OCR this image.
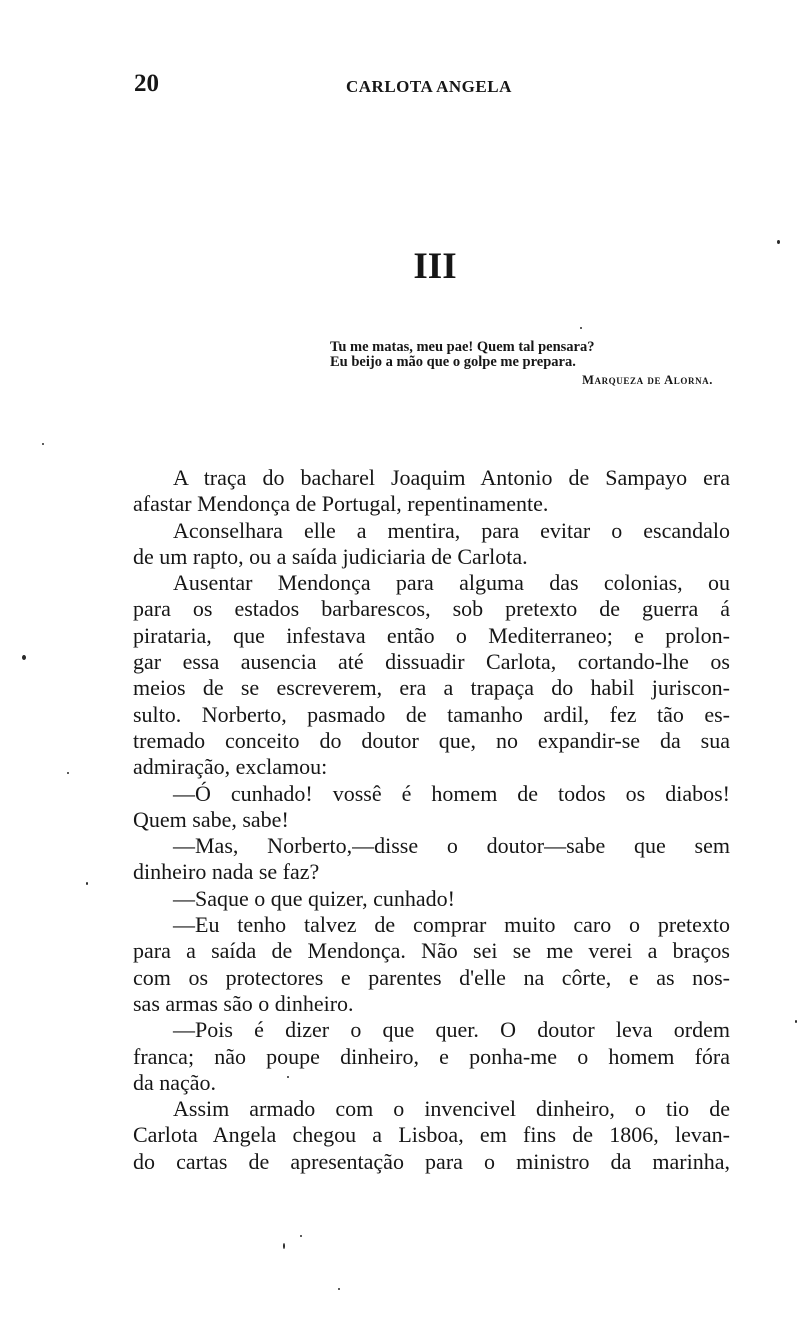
20	CARLOTA ANGELA
III
Tu me matas, meu pae! Quem tal pensara?
Eu beijo a mão que o golpe me prepara.
Marqueza de Alorna.
A traça do bacharel Joaquim Antonio de Sampayo era
afastar Mendonça de Portugal, repentinamente.
Aconselhara elle a mentira, para evitar o escandalo
de um rapto, ou a saída judiciaria de Carlota.
Ausentar Mendonça para alguma das colonias, ou
para os estados barbarescos, sob pretexto de guerra á
pirataria, que infestava então o Mediterraneo; e prolon-
gar essa ausencia até dissuadir Carlota, cortando-lhe os
meios de se escreverem, era a trapaça do habil juriscon-
sulto. Norberto, pasmado de tamanho ardil, fez tão es-
tremado conceito do doutor que, no expandir-se da sua
admiração, exclamou:
—Ó cunhado! vossê é homem de todos os diabos!
Quem sabe, sabe!
—Mas, Norberto,—disse o doutor—sabe que sem
dinheiro nada se faz?
—Saque o que quizer, cunhado!
—Eu tenho talvez de comprar muito caro o pretexto
para a saída de Mendonça. Não sei se me verei a braços
com os protectores e parentes d'elle na côrte, e as nos-
sas armas são o dinheiro.
—Pois é dizer o que quer. O doutor leva ordem
franca; não poupe dinheiro, e ponha-me o homem fóra
da nação.
Assim armado com o invencivel dinheiro, o tio de
Carlota Angela chegou a Lisboa, em fins de 1806, levan-
do cartas de apresentação para o ministro da marinha,
